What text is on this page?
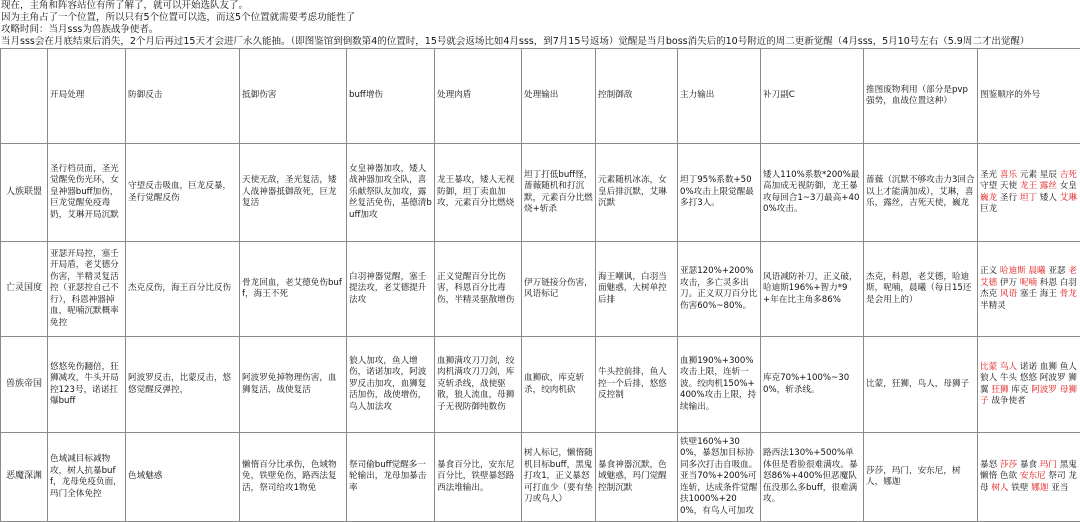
现在，主角和阵容站位有所了解了，就可以开始选队友了。
因为主角占了一个位置，所以只有5个位置可以选，而这5个位置就需要考虑功能性了
攻略时间：当月sss为兽族战争使者。
当月sss会在月底结束后消失，2个月后再过15天才会进厂永久能抽。（即图鉴馆到倒数第4的位置时，15号就会返场比如4月sss，到7月15号返场）觉醒是当月boss消失后的10号附近的周二更新觉醒（4月sss，5月10号左右（5.9周二才出觉醒）
	开局处理	防御反击	抵御伤害	buff增伤	处理肉盾	处理输出	控制御敌	主力输出	补刀副C	推图废物利用（部分是pvp强势，血战位置这种）	图鉴顺序的外号
人族联盟	圣行档员面，圣光觉醒免伤光环，女皇神器buff加伤，巨龙觉醒免疫毒奶，艾琳开局沉默	守望反击吸血，巨龙反暴，圣行觉醒反伤	天使无敌，圣光复活，矮人战神器抵御敌死，巨龙复活	女皇神器加攻，矮人战神器加攻全队，喜乐献祭队友加攻，露丝复活免伤，基德清buff加攻	龙王暴攻，矮人无视防御，坦丁卖血加攻，元素百分比燃烧	坦丁打低buff怪，蔷薇随机和打沉默，元素百分比燃烧+斩杀	元素随机冰冻，女皇后排沉默，艾琳沉默	坦丁95%系数+500%攻击上限觉醒最多打3人。	矮人110%系数*200%最高加成无视防御，龙王暴攻每回合1~3刀最高+400%攻击。	蔷薇（沉默不够攻击力3回合以上才能满加成），艾琳，喜乐，露丝，吉死天使，巍龙	圣光 喜乐 元素 星辰 吉死 守望 天使 龙王 露丝 女皇 巍龙 圣行 坦丁 矮人 艾琳 巨龙
亡灵国度	亚瑟开局控，塞壬开局盾，老艾德分伤害，半精灵复活控（亚瑟控自己不行），科恩神器掉血，呢喃沉默概率免控	杰克反伤，海王百分比反伤	骨龙回血，老艾德免伤buff，海王不死	白羽神器觉醒，塞壬提法攻，老艾德提升法攻	正义觉醒百分比伤害，科恩百分比毒伤，半精灵驱散增伤	伊万链接分伤害，风语标记	海王嘲讽，白羽当面魅惑，大树单控后排	亚瑟120%+200%攻击，多亡灵多出刀。正义双刀百分比伤害60%~80%。	风语减防补刀，正义破，哈迪斯196%+智力*9+年在比主角多86%	杰克，科恩，老艾德，哈迪斯，呢喃，晨曦（每日15还是会用上的）	正义 哈迪斯 晨曦 亚瑟 老艾德 伊万 呢喃 科恩 白羽 杰克 风语 塞壬 海王 骨龙 半精灵
兽族帝国	悠悠免伤翻倍，狂狮减攻，牛头开局控123号，诺诺扛爆buff	阿波罗反击，比蒙反击，悠悠觉醒反弹控，	阿波罗免掉物理伤害，血狮复活，战使复活	狼人加攻，鱼人增伤，诺诺加攻，阿波罗反击加攻，血狮复活加伤，战使增伤，鸟人加法攻	血狮满攻刀刀剑，绞肉机满攻刀刀剑，库克斩杀线，战使驱散，狼人流血，母狮子无视防御纯数伤	血狮砍，库克斩杀，绞肉机砍	牛头控前排，鱼人控一个后排，悠悠反控制	血狮190%+300%攻击上限，连斩一波。绞肉机150%+400%攻击上限，持续输出。	库克70%+100%~300%，斩杀线。	比蒙，狂狮，鸟人，母狮子	比蒙 鸟人 诺诺 血狮 鱼人 狼人 牛头 悠悠 阿波罗 狮翼 狂狮 库克 阿波罗 母狮子 战争使者
恶魔深渊	色域减目标减物攻，树人抗暴buff，龙母免疫负面，玛门全体免控	色域魅惑	懒惰百分比承伤，色域物免，铁壁免伤，路西法复活，祭司给攻1物免	祭司偷buff觉醒多一轮输出，龙母加暴击率	暴食百分比，安东尼百分比，铁壁暴怒路西法堆输出。	树人标记，懒惰随机目标buff，黑鬼打攻1，正义暴怒可打血少（要有垫刀或鸟人）	暴食神器沉默，色域魅惑，玛门觉醒控制沉默	铁壁160%+300%，暴怒加目标协同多次打击自吸血。亚当70%+200%可连斩，达成条件觉醒扶1000%+200%，有鸟人可加攻	路西法130%+500%单体但是看脸很难满攻。暴怒86%+400%但恶魔队伍没那么多buff，很难满攻。	莎莎，玛门，安东尼，树人，娜迦	暴怒 莎莎 暴食 玛门 黑鬼 懒惰 色欲 安东尼 祭司 龙母 树人 铁壁 娜迦 亚当
